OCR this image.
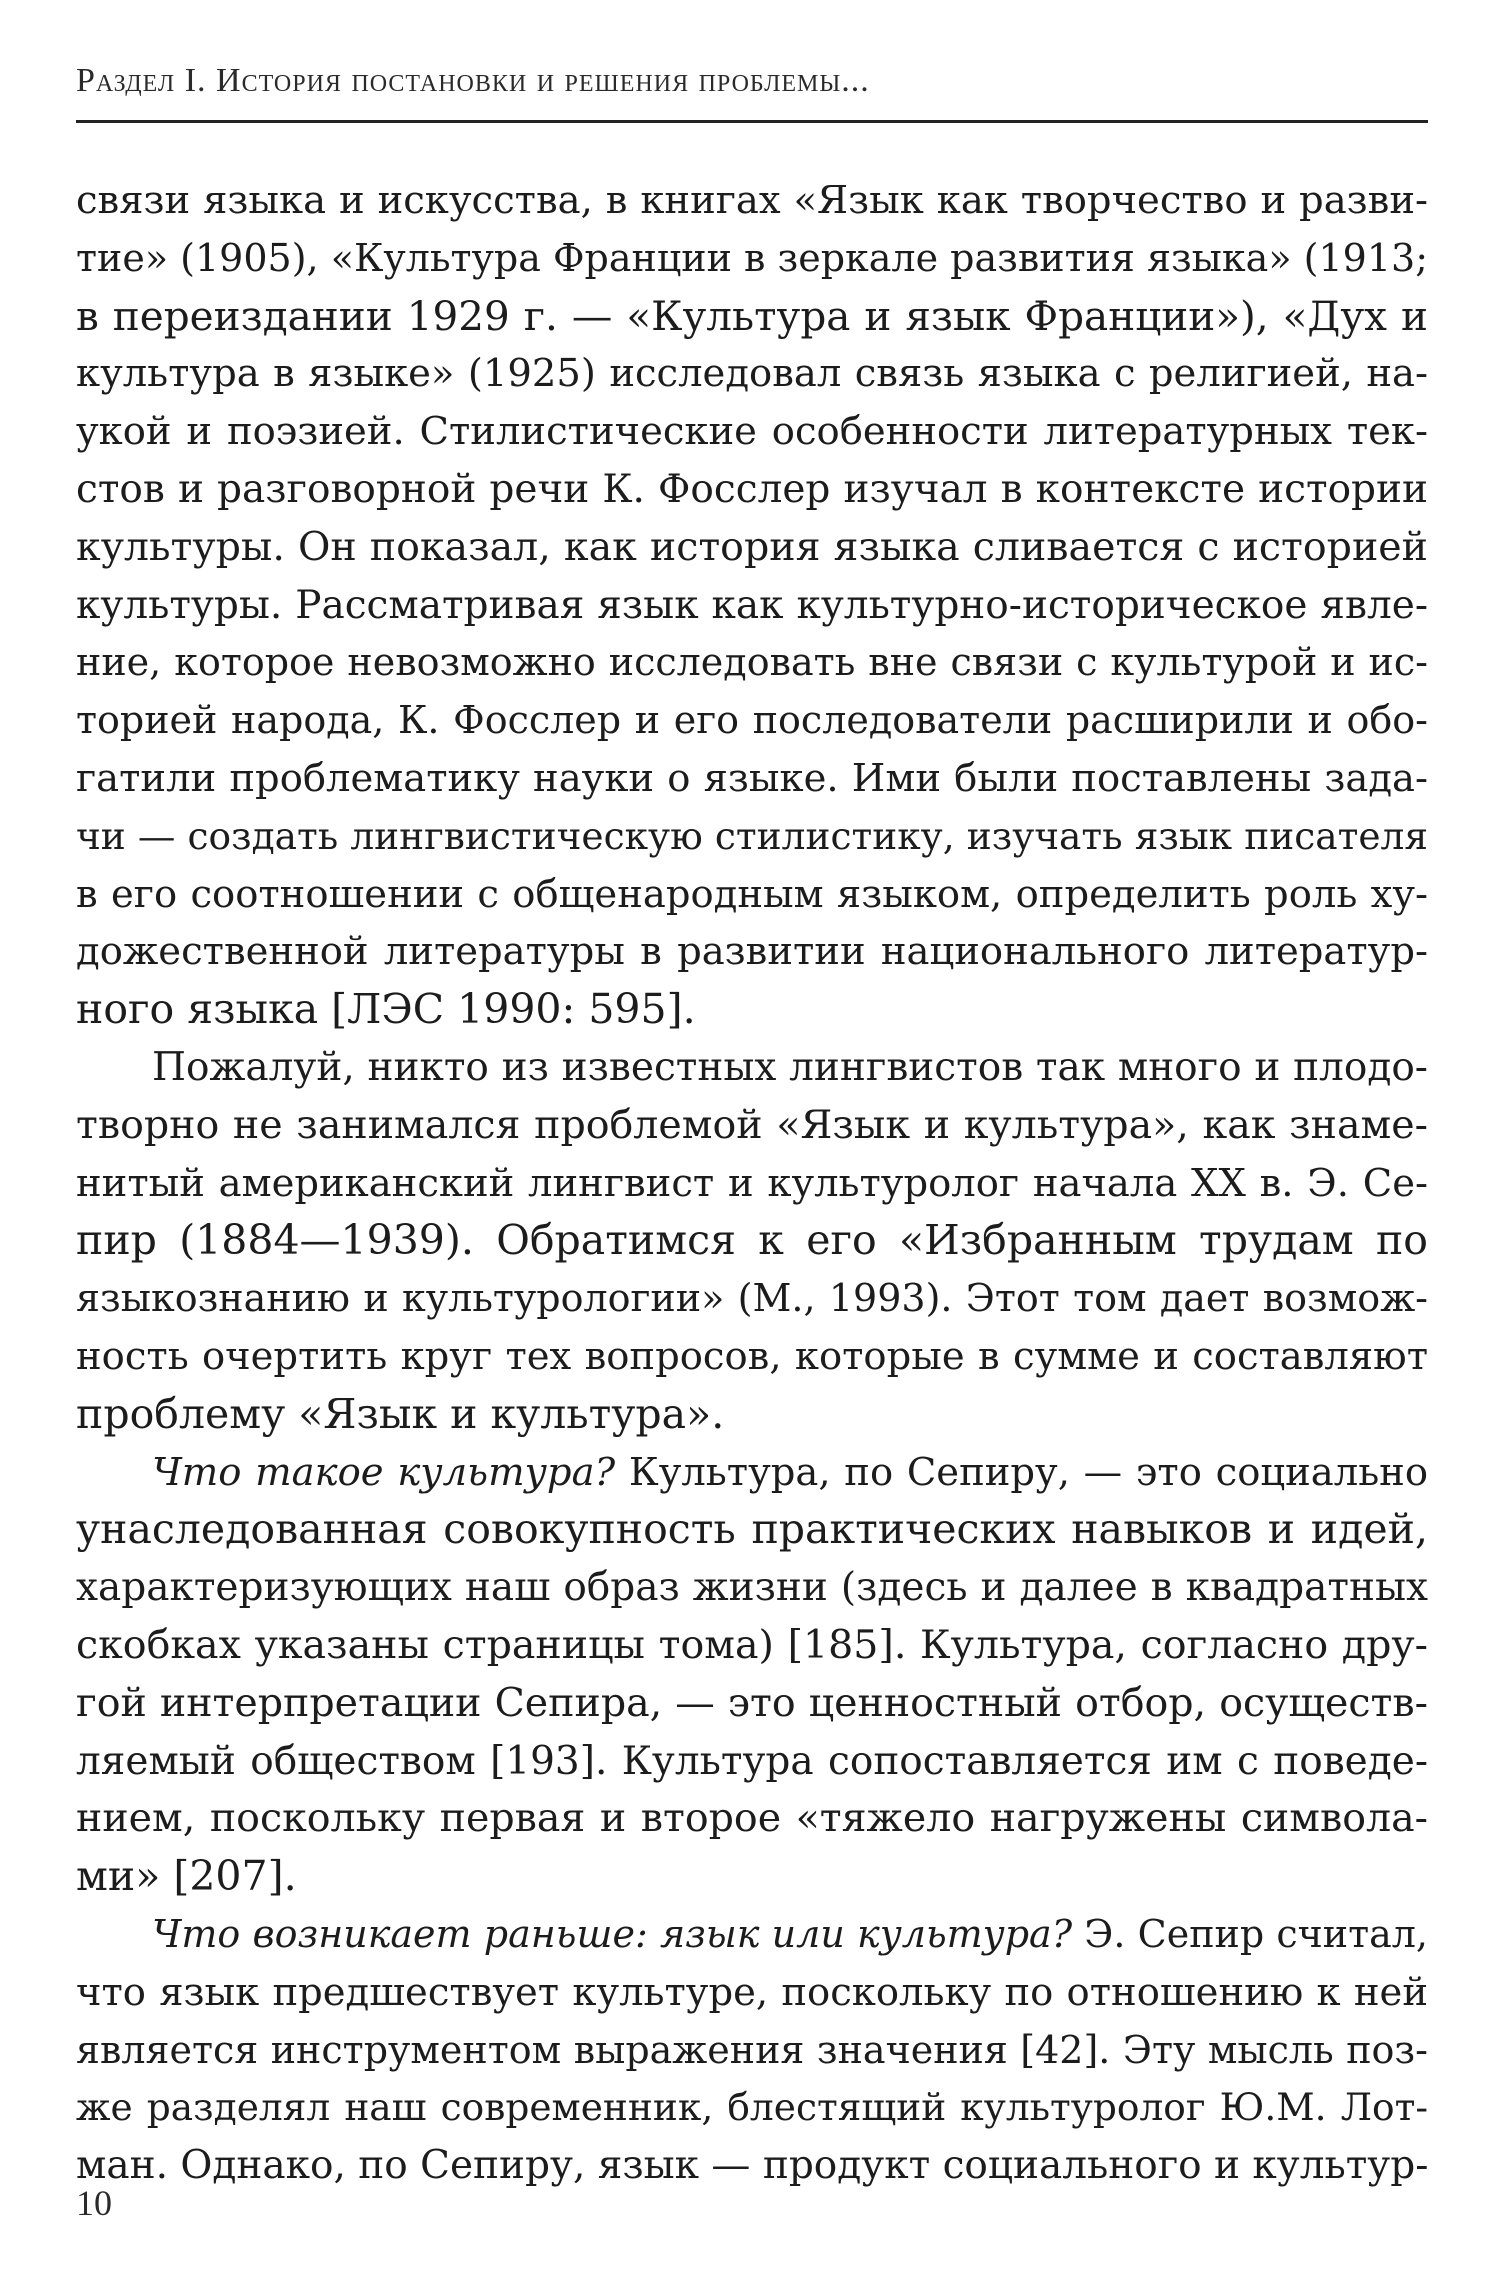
Раздел I. История постановки и решения проблемы...
связи языка и искусства, в книгах «Язык как творчество и разви-
тие» (1905), «Культура Франции в зеркале развития языка» (1913;
в переиздании 1929 г. — «Культура и язык Франции»), «Дух и
культура в языке» (1925) исследовал связь языка с религией, на-
укой и поэзией. Стилистические особенности литературных тек-
стов и разговорной речи К. Фосслер изучал в контексте истории
культуры. Он показал, как история языка сливается с историей
культуры. Рассматривая язык как культурно-историческое явле-
ние, которое невозможно исследовать вне связи с культурой и ис-
торией народа, К. Фосслер и его последователи расширили и обо-
гатили проблематику науки о языке. Ими были поставлены зада-
чи — создать лингвистическую стилистику, изучать язык писателя
в его соотношении с общенародным языком, определить роль ху-
дожественной литературы в развитии национального литератур-
ного языка [ЛЭС 1990: 595].
Пожалуй, никто из известных лингвистов так много и плодо-
творно не занимался проблемой «Язык и культура», как знаме-
нитый американский лингвист и культуролог начала XX в. Э. Се-
пир (1884—1939). Обратимся к его «Избранным трудам по
языкознанию и культурологии» (М., 1993). Этот том дает возмож-
ность очертить круг тех вопросов, которые в сумме и составляют
проблему «Язык и культура».
Что такое культура? Культура, по Сепиру, — это социально
унаследованная совокупность практических навыков и идей,
характеризующих наш образ жизни (здесь и далее в квадратных
скобках указаны страницы тома) [185]. Культура, согласно дру-
гой интерпретации Сепира, — это ценностный отбор, осуществ-
ляемый обществом [193]. Культура сопоставляется им с поведе-
нием, поскольку первая и второе «тяжело нагружены символа-
ми» [207].
Что возникает раньше: язык или культура? Э. Сепир считал,
что язык предшествует культуре, поскольку по отношению к ней
является инструментом выражения значения [42]. Эту мысль поз-
же разделял наш современник, блестящий культуролог Ю.М. Лот-
ман. Однако, по Сепиру, язык — продукт социального и культур-
10
